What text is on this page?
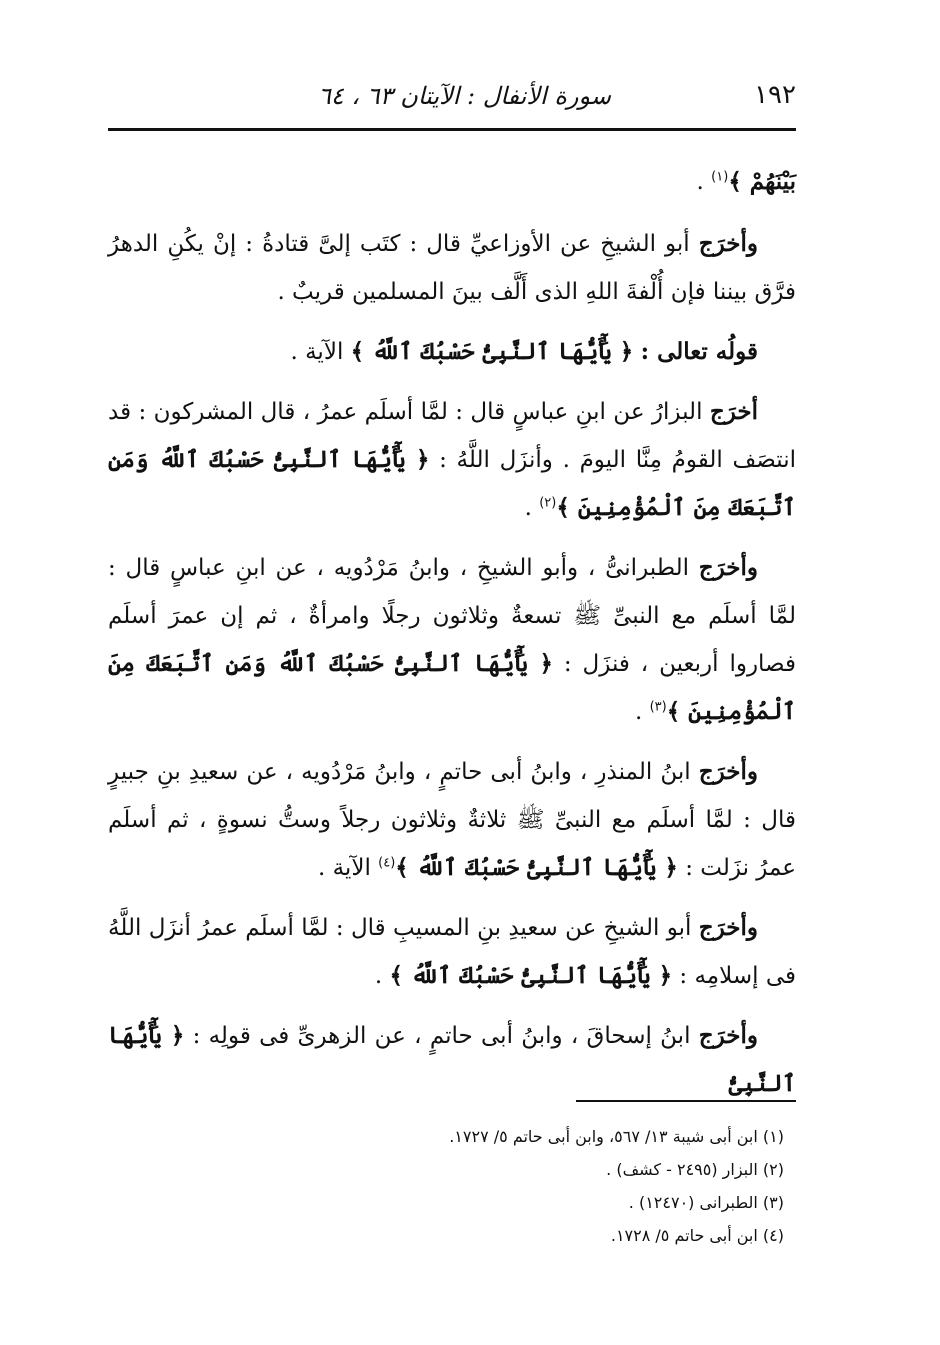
١٩٢
سورة الأنفال : الآيتان ٦٣ ، ٦٤

بَيْنَهُمْ ﴾$^{(١)}$ .

وأخرَج أبو الشيخِ عن الأوزاعيِّ قال : كتَب إلىَّ قتادةُ : إنْ يكُنِ الدهرُ فرَّق بيننا فإن أُلْفةَ اللهِ الذى أَلَّف بينَ المسلمين قريبٌ .

قولُه تعالى : ﴿ يَٰٓأَيُّهَا ٱلنَّبِىُّ حَسْبُكَ ٱللَّهُ ﴾ الآية .

أخرَج البزارُ عن ابنِ عباسٍ قال : لمَّا أسلَم عمرُ ، قال المشركون : قد انتصَف القومُ مِنَّا اليومَ . وأنزَل اللَّهُ : ﴿ يَٰٓأَيُّهَا ٱلنَّبِىُّ حَسْبُكَ ٱللَّهُ وَمَنِ ٱتَّبَعَكَ مِنَ ٱلْمُؤْمِنِينَ ﴾$^{(٢)}$ .

وأخرَج الطبرانىُّ ، وأبو الشيخِ ، وابنُ مَرْدُويه ، عن ابنِ عباسٍ قال : لمَّا أسلَم مع النبىِّ ﷺ تسعةٌ وثلاثون رجلًا وامرأةٌ ، ثم إن عمرَ أسلَم فصاروا أربعين ، فنزَل : ﴿ يَٰٓأَيُّهَا ٱلنَّبِىُّ حَسْبُكَ ٱللَّهُ وَمَنِ ٱتَّبَعَكَ مِنَ ٱلْمُؤْمِنِينَ ﴾$^{(٣)}$ .

وأخرَج ابنُ المنذرِ ، وابنُ أبى حاتمٍ ، وابنُ مَرْدُويه ، عن سعيدِ بنِ جبيرٍ قال : لمَّا أسلَم مع النبىِّ ﷺ ثلاثةٌ وثلاثون رجلاً وستُّ نسوةٍ ، ثم أسلَم عمرُ نزَلت : ﴿ يَٰٓأَيُّهَا ٱلنَّبِىُّ حَسْبُكَ ٱللَّهُ ﴾$^{(٤)}$ الآية .

وأخرَج أبو الشيخِ عن سعيدِ بنِ المسيبِ قال : لمَّا أسلَم عمرُ أنزَل اللَّهُ فى إسلامِه : ﴿ يَٰٓأَيُّهَا ٱلنَّبِىُّ حَسْبُكَ ٱللَّهُ ﴾ .

وأخرَج ابنُ إسحاقَ ، وابنُ أبى حاتمٍ ، عن الزهرىِّ فى قولِه : ﴿ يَٰٓأَيُّهَا ٱلنَّبِىُّ

(١) ابن أبى شيبة ١٣/ ٥٦٧، وابن أبى حاتم ٥/ ١٧٢٧.
(٢) البزار (٢٤٩٥ - كشف) .
(٣) الطبرانى (١٢٤٧٠) .
(٤) ابن أبى حاتم ٥/ ١٧٢٨.
